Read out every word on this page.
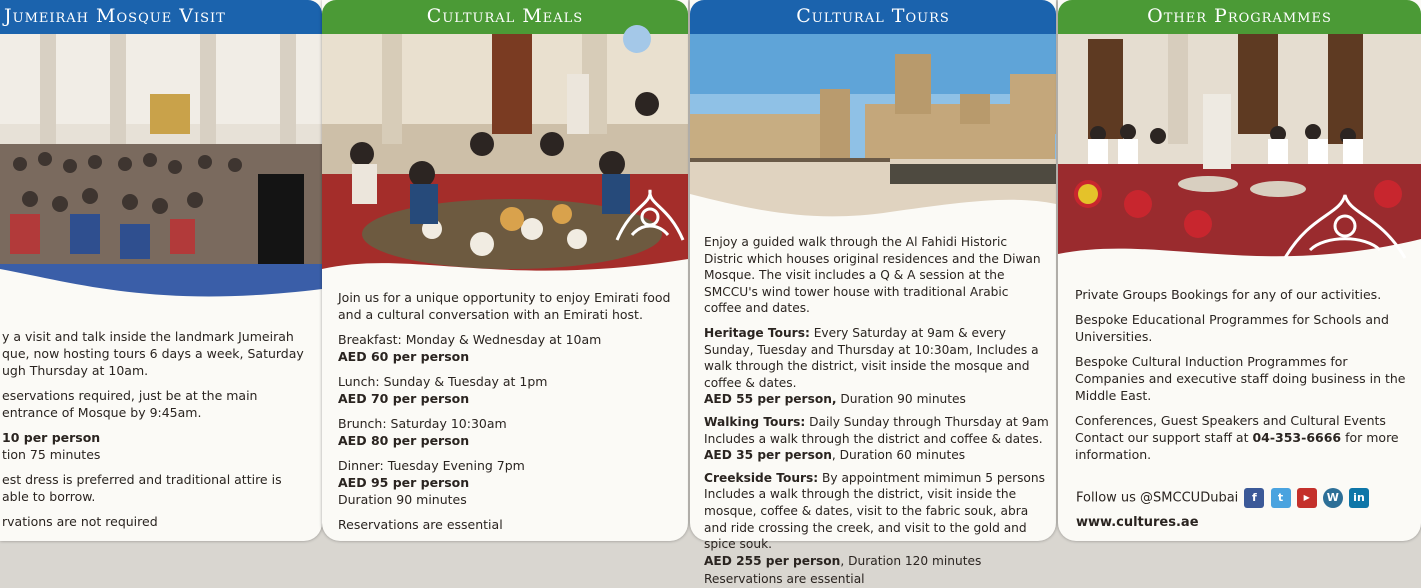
Jumeirah Mosque Visit

y a visit and talk inside the landmark Jumeirah que, now hosting tours 6 days a week, Saturday ugh Thursday at 10am.

eservations required, just be at the main entrance of Mosque by 9:45am.

10 per person

tion 75 minutes

est dress is preferred and traditional attire is able to borrow.

rvations are not required

Cultural Meals

Join us for a unique opportunity to enjoy Emirati food and a cultural conversation with an Emirati host.

Breakfast: Monday & Wednesday at 10am
AED 60 per person
Lunch: Sunday & Tuesday at 1pm
AED 70 per person
Brunch: Saturday 10:30am
AED 80 per person
Dinner: Tuesday Evening 7pm
AED 95 per person
Duration 90 minutes
Reservations are essential
Cultural Tours

Enjoy a guided walk through the Al Fahidi Historic Distric which houses original residences and the Diwan Mosque. The visit includes a Q & A session at the SMCCU's wind tower house with traditional Arabic coffee and dates.

Heritage Tours: Every Saturday at 9am & every Sunday, Tuesday and Thursday at 10:30am, Includes a walk through the district, visit inside the mosque and coffee & dates.
AED 55 per person, Duration 90 minutes
Walking Tours: Daily Sunday through Thursday at 9am Includes a walk through the district and coffee & dates.
AED 35 per person, Duration 60 minutes
Creekside Tours: By appointment mimimun 5 persons Includes a walk through the district, visit inside the mosque, coffee & dates, visit to the fabric souk, abra and ride crossing the creek, and visit to the gold and spice souk.
AED 255 per person, Duration 120 minutes
Reservations are essential
Other Programmes

Private Groups Bookings for any of our activities.

Bespoke Educational Programmes for Schools and Universities.

Bespoke Cultural Induction Programmes for Companies and executive staff doing business in the Middle East.

Conferences, Guest Speakers and Cultural Events
Contact our support staff at 04-353-6666 for more information.
Follow us @SMCCUDubai f t	▶ W in
www.cultures.ae
